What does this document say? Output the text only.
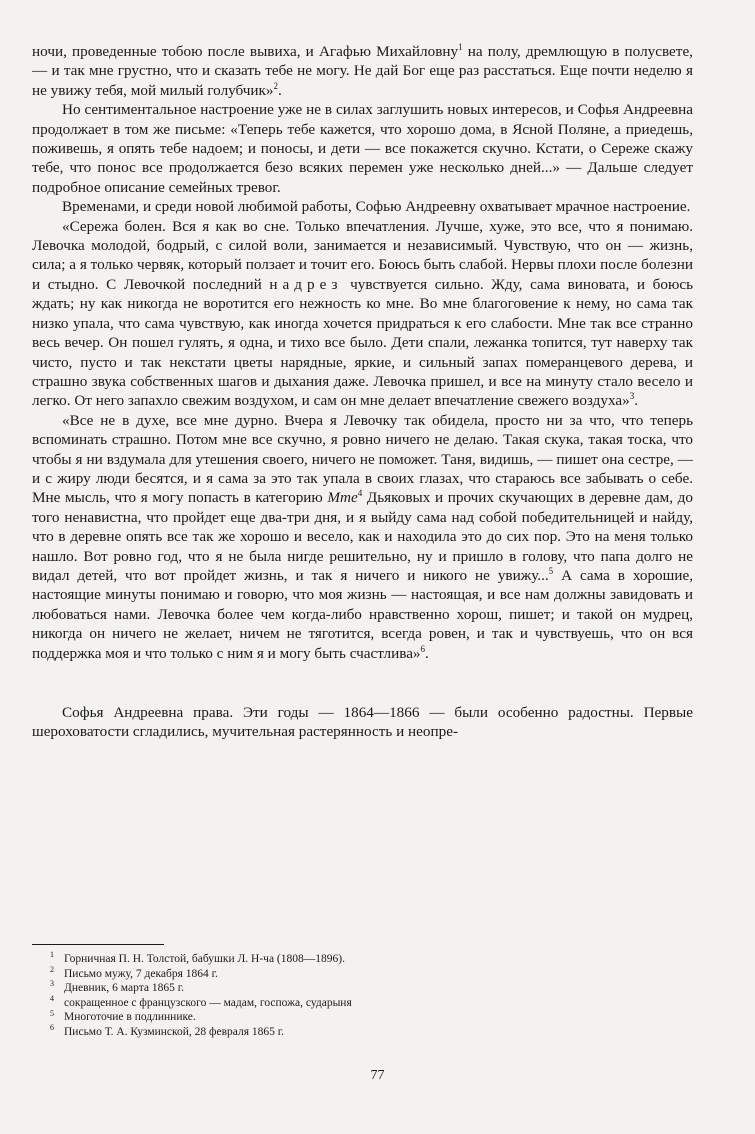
ночи, проведенные тобою после вывиха, и Агафью Михайловну$^1$ на полу, дремлющую в полусвете, — и так мне грустно, что и сказать тебе не могу. Не дай Бог еще раз расстаться. Еще почти неделю я не увижу тебя, мой милый голубчик»$^2$.

Но сентиментальное настроение уже не в силах заглушить новых интересов, и Софья Андреевна продолжает в том же письме: «Теперь тебе кажется, что хорошо дома, в Ясной Поляне, а приедешь, поживешь, я опять тебе надоем; и поносы, и дети — все покажется скучно. Кстати, о Сереже скажу тебе, что понос все продолжается безо всяких перемен уже несколько дней...» — Дальше следует подробное описание семейных тревог.

Временами, и среди новой любимой работы, Софью Андреевну охватывает мрачное настроение.

«Сережа болен. Вся я как во сне. Только впечатления. Лучше, хуже, это все, что я понимаю. Левочка молодой, бодрый, с силой воли, занимается и независимый. Чувствую, что он — жизнь, сила; а я только червяк, который ползает и точит его. Боюсь быть слабой. Нервы плохи после болезни и стыдно. С Левочкой последний надрез чувствуется сильно. Жду, сама виновата, и боюсь ждать; ну как никогда не воротится его нежность ко мне. Во мне благоговение к нему, но сама так низко упала, что сама чувствую, как иногда хочется придраться к его слабости. Мне так все странно весь вечер. Он пошел гулять, я одна, и тихо все было. Дети спали, лежанка топится, тут наверху так чисто, пусто и так некстати цветы нарядные, яркие, и сильный запах померанцевого дерева, и страшно звука собственных шагов и дыхания даже. Левочка пришел, и все на минуту стало весело и легко. От него запахло свежим воздухом, и сам он мне делает впечатление свежего воздуха»$^3$.

«Все не в духе, все мне дурно. Вчера я Левочку так обидела, просто ни за что, что теперь вспоминать страшно. Потом мне все скучно, я ровно ничего не делаю. Такая скука, такая тоска, что чтобы я ни вздумала для утешения своего, ничего не поможет. Таня, видишь, — пишет она сестре, — и с жиру люди бесятся, и я сама за это так упала в своих глазах, что стараюсь все забывать о себе. Мне мысль, что я могу попасть в категорию Mme$^4$ Дьяковых и прочих скучающих в деревне дам, до того ненавистна, что пройдет еще два-три дня, и я выйду сама над собой победительницей и найду, что в деревне опять все так же хорошо и весело, как и находила это до сих пор. Это на меня только нашло. Вот ровно год, что я не была нигде решительно, ну и пришло в голову, что папа долго не видал детей, что вот пройдет жизнь, и так я ничего и никого не увижу...$^5$ А сама в хорошие, настоящие минуты понимаю и говорю, что моя жизнь — настоящая, и все нам должны завидовать и любоваться нами. Левочка более чем когда-либо нравственно хорош, пишет; и такой он мудрец, никогда он ничего не желает, ничем не тяготится, всегда ровен, и так и чувствуешь, что он вся поддержка моя и что только с ним я и могу быть счастлива»$^6$.

Софья Андреевна права. Эти годы — 1864—1866 — были особенно радостны. Первые шероховатости сгладились, мучительная растерянность и неопре-

1 Горничная П. Н. Толстой, бабушки Л. Н-ча (1808—1896).

2 Письмо мужу, 7 декабря 1864 г.

3 Дневник, 6 марта 1865 г.

4 сокращенное с французского — мадам, госпожа, сударыня

5 Многоточие в подлиннике.

6 Письмо Т. А. Кузминской, 28 февраля 1865 г.

77
